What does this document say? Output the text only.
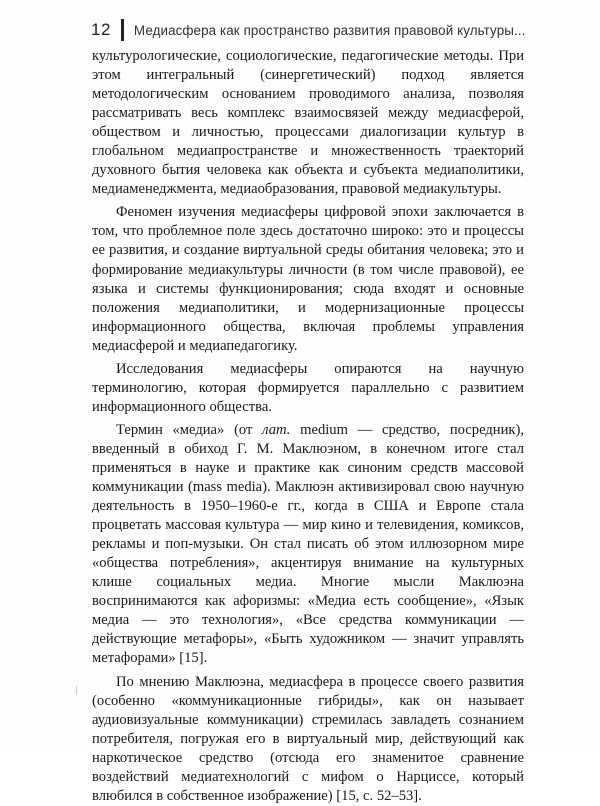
12 Медиасфера как пространство развития правовой культуры...

культурологические, социологические, педагогические методы. При этом интегральный (синергетический) подход является методологическим основанием проводимого анализа, позволяя рассматривать весь комплекс взаимосвязей между медиасферой, обществом и личностью, процессами диалогизации культур в глобальном медиапространстве и множественность траекторий духовного бытия человека как объекта и субъекта медиаполитики, медиаменеджмента, медиаобразования, правовой медиакультуры.

Феномен изучения медиасферы цифровой эпохи заключается в том, что проблемное поле здесь достаточно широко: это и процессы ее развития, и создание виртуальной среды обитания человека; это и формирование медиакультуры личности (в том числе правовой), ее языка и системы функционирования; сюда входят и основные положения медиаполитики, и модернизационные процессы информационного общества, включая проблемы управления медиасферой и медиапедагогику.

Исследования медиасферы опираются на научную терминологию, которая формируется параллельно с развитием информационного общества.

Термин «медиа» (от лат. medium — средство, посредник), введенный в обиход Г. М. Маклюэном, в конечном итоге стал применяться в науке и практике как синоним средств массовой коммуникации (mass media). Маклюэн активизировал свою научную деятельность в 1950–1960-е гг., когда в США и Европе стала процветать массовая культура — мир кино и телевидения, комиксов, рекламы и поп-музыки. Он стал писать об этом иллюзорном мире «общества потребления», акцентируя внимание на культурных клише социальных медиа. Многие мысли Маклюэна воспринимаются как афоризмы: «Медиа есть сообщение», «Язык медиа — это технология», «Все средства коммуникации — действующие метафоры», «Быть художником — значит управлять метафорами» [15].

По мнению Маклюэна, медиасфера в процессе своего развития (особенно «коммуникационные гибриды», как он называет аудиовизуальные коммуникации) стремилась завладеть сознанием потребителя, погружая его в виртуальный мир, действующий как наркотическое средство (отсюда его знаменитое сравнение воздействий медиатехнологий с мифом о Нарциссе, который влюбился в собственное изображение) [15, с. 52–53].
